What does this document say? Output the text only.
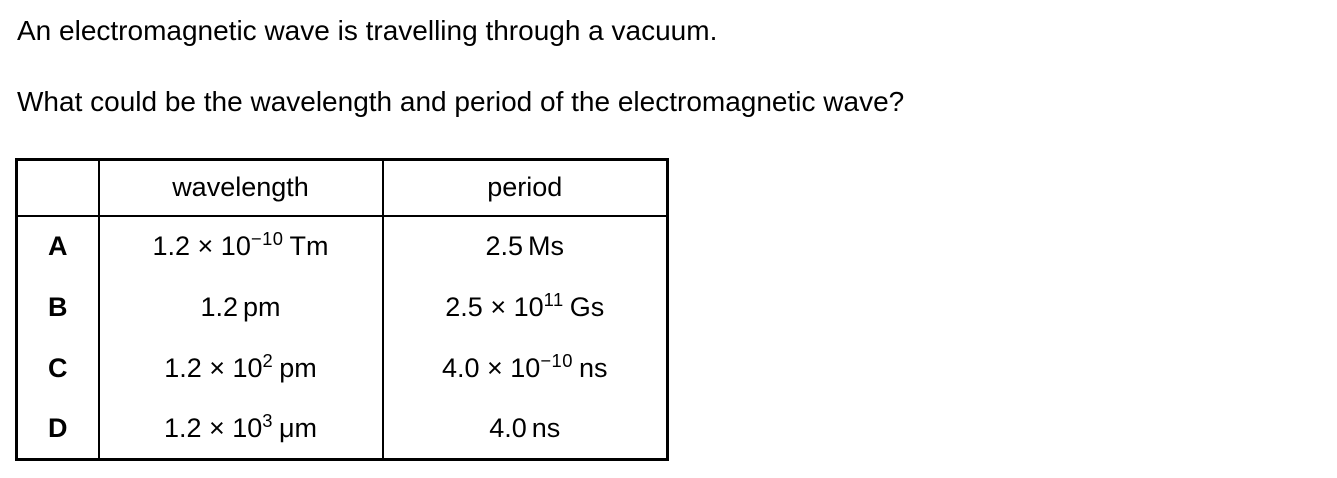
An electromagnetic wave is travelling through a vacuum.

What could be the wavelength and period of the electromagnetic wave?

	wavelength	period
A	$1.2 \times 10^{-10}$ Tm	2.5 Ms
B	1.2 pm	$2.5 \times 10^{11}$ Gs
C	$1.2 \times 10^2$ pm	$4.0 \times 10^{-10}$ ns
D	$1.2 \times 10^3$ μm	4.0 ns
